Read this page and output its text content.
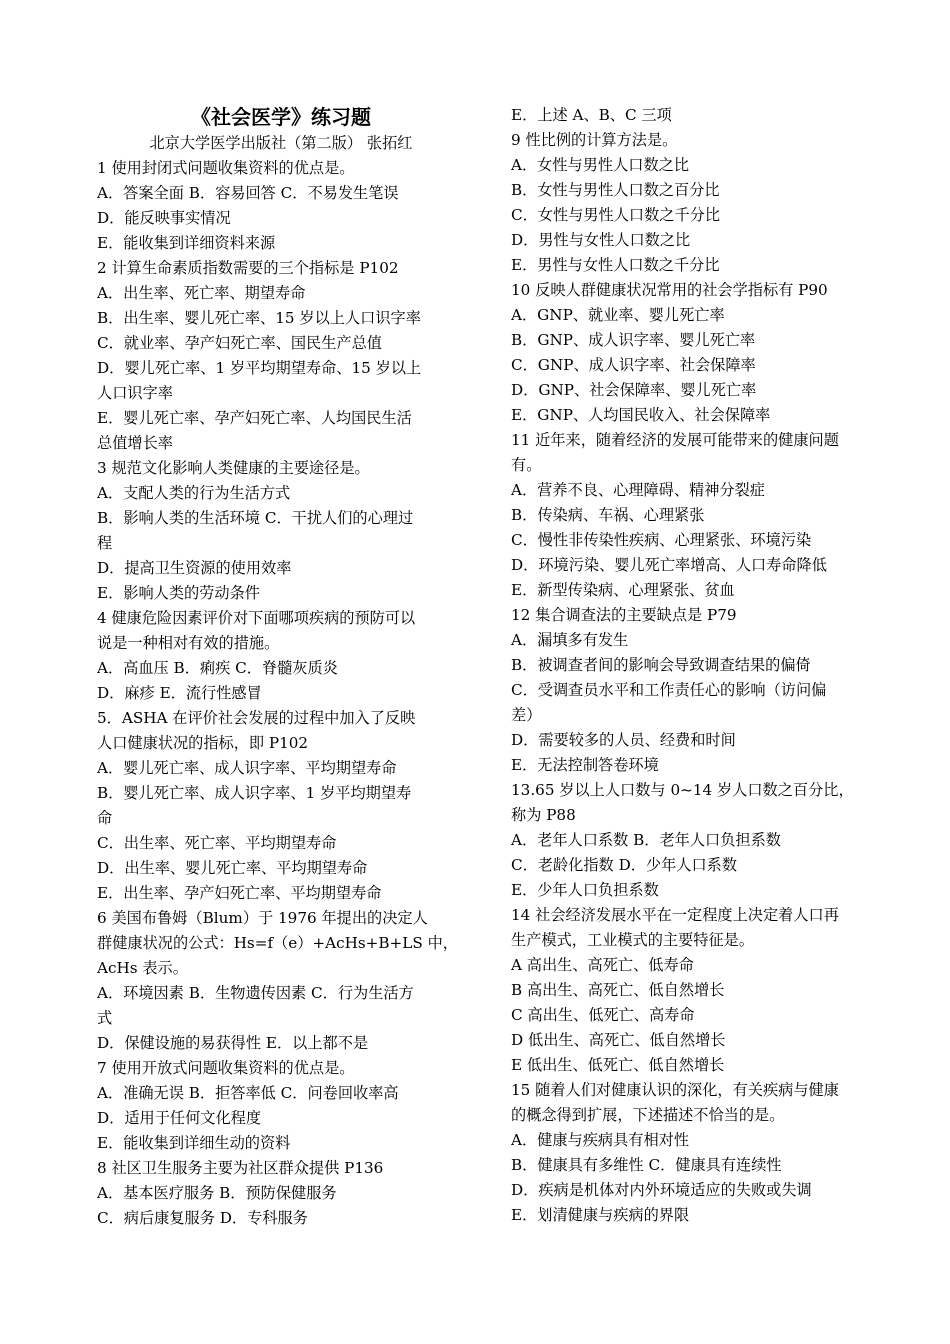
《社会医学》练习题
北京大学医学出版社（第二版） 张拓红
1 使用封闭式问题收集资料的优点是。
A．答案全面 B．容易回答 C．不易发生笔误
D．能反映事实情况
E．能收集到详细资料来源
2 计算生命素质指数需要的三个指标是 P102
A．出生率、死亡率、期望寿命
B．出生率、婴儿死亡率、15 岁以上人口识字率
C．就业率、孕产妇死亡率、国民生产总值
D．婴儿死亡率、1 岁平均期望寿命、15 岁以上
人口识字率
E．婴儿死亡率、孕产妇死亡率、人均国民生活
总值增长率
3 规范文化影响人类健康的主要途径是。
A．支配人类的行为生活方式
B．影响人类的生活环境 C．干扰人们的心理过
程
D．提高卫生资源的使用效率
E．影响人类的劳动条件
4 健康危险因素评价对下面哪项疾病的预防可以
说是一种相对有效的措施。
A．高血压 B．痢疾 C．脊髓灰质炎
D．麻疹 E．流行性感冒
5．ASHA 在评价社会发展的过程中加入了反映
人口健康状况的指标，即 P102
A．婴儿死亡率、成人识字率、平均期望寿命
B．婴儿死亡率、成人识字率、1 岁平均期望寿
命
C．出生率、死亡率、平均期望寿命
D．出生率、婴儿死亡率、平均期望寿命
E．出生率、孕产妇死亡率、平均期望寿命
6 美国布鲁姆（Blum）于 1976 年提出的决定人
群健康状况的公式：Hs=f（e）+AcHs+B+LS 中，
AcHs 表示。
A．环境因素 B．生物遗传因素 C．行为生活方
式
D．保健设施的易获得性 E．以上都不是
7 使用开放式问题收集资料的优点是。
A．准确无误 B．拒答率低 C．问卷回收率高
D．适用于任何文化程度
E．能收集到详细生动的资料
8 社区卫生服务主要为社区群众提供 P136
A．基本医疗服务 B．预防保健服务
C．病后康复服务 D．专科服务
E．上述 A、B、C 三项
9 性比例的计算方法是。
A．女性与男性人口数之比
B．女性与男性人口数之百分比
C．女性与男性人口数之千分比
D．男性与女性人口数之比
E．男性与女性人口数之千分比
10 反映人群健康状况常用的社会学指标有 P90
A．GNP、就业率、婴儿死亡率
B．GNP、成人识字率、婴儿死亡率
C．GNP、成人识字率、社会保障率
D．GNP、社会保障率、婴儿死亡率
E．GNP、人均国民收入、社会保障率
11 近年来，随着经济的发展可能带来的健康问题
有。
A．营养不良、心理障碍、精神分裂症
B．传染病、车祸、心理紧张
C．慢性非传染性疾病、心理紧张、环境污染
D．环境污染、婴儿死亡率增高、人口寿命降低
E．新型传染病、心理紧张、贫血
12 集合调查法的主要缺点是 P79
A．漏填多有发生
B．被调查者间的影响会导致调查结果的偏倚
C．受调查员水平和工作责任心的影响（访问偏
差）
D．需要较多的人员、经费和时间
E．无法控制答卷环境
13.65 岁以上人口数与 0~14 岁人口数之百分比，
称为 P88
A．老年人口系数 B．老年人口负担系数
C．老龄化指数 D．少年人口系数
E．少年人口负担系数
14 社会经济发展水平在一定程度上决定着人口再
生产模式，工业模式的主要特征是。
A 高出生、高死亡、低寿命
B 高出生、高死亡、低自然增长
C 高出生、低死亡、高寿命
D 低出生、高死亡、低自然增长
E 低出生、低死亡、低自然增长
15 随着人们对健康认识的深化，有关疾病与健康
的概念得到扩展，下述描述不恰当的是。
A．健康与疾病具有相对性
B．健康具有多维性 C．健康具有连续性
D．疾病是机体对内外环境适应的失败或失调
E．划清健康与疾病的界限
